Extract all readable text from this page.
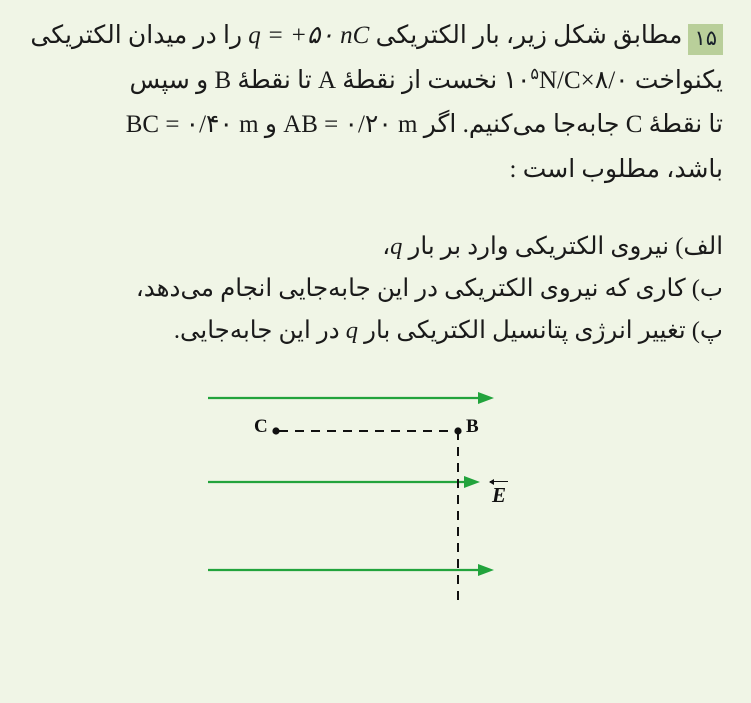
۱۵مطابق شکل زیر، بار الکتریکی q = +۵۰ nC را در میدان الکتریکی

یکنواخت $۸/۰\times ۱۰^۵N/C$ نخست از نقطۀ A تا نقطۀ B و سپس

تا نقطۀ C جابه‌جا می‌کنیم. اگر AB = ۰/۲۰ m و BC = ۰/۴۰ m

باشد، مطلوب است :

الف) نیروی الکتریکی وارد بر بار q،
ب) کاری که نیروی الکتریکی در این جابه‌جایی انجام می‌دهد،
پ) تغییر انرژی پتانسیل الکتریکی بار q در این جابه‌جایی.
C	B
E
